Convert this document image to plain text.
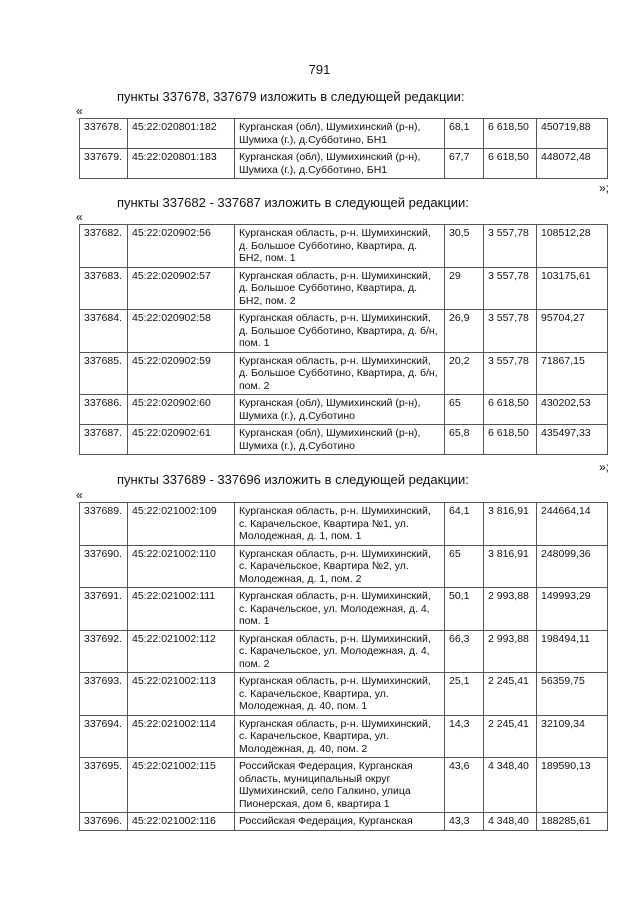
791
пункты 337678, 337679 изложить в следующей редакции:
«
337678.	45:22:020801:182	Курганская (обл), Шумихинский (р-н), Шумиха (г.), д.Субботино, БН1	68,1	6 618,50	450719,88
337679.	45:22:020801:183	Курганская (обл), Шумихинский (р-н), Шумиха (г.), д.Субботино, БН1	67,7	6 618,50	448072,48
»;
пункты 337682 - 337687 изложить в следующей редакции:
«
337682.	45:22:020902:56	Курганская область, р-н. Шумихинский, д. Большое Субботино, Квартира, д. БН2, пом. 1	30,5	3 557,78	108512,28
337683.	45:22:020902:57	Курганская область, р-н. Шумихинский, д. Большое Субботино, Квартира, д. БН2, пом. 2	29	3 557,78	103175,61
337684.	45:22:020902:58	Курганская область, р-н. Шумихинский, д. Большое Субботино, Квартира, д. б/н, пом. 1	26,9	3 557,78	95704,27
337685.	45:22:020902:59	Курганская область, р-н. Шумихинский, д. Большое Субботино, Квартира, д. б/н, пом. 2	20,2	3 557,78	71867,15
337686.	45:22:020902:60	Курганская (обл), Шумихинский (р-н), Шумиха (г.), д.Суботино	65	6 618,50	430202,53
337687.	45:22:020902:61	Курганская (обл), Шумихинский (р-н), Шумиха (г.), д.Суботино	65,8	6 618,50	435497,33
»;
пункты 337689 - 337696 изложить в следующей редакции:
«
337689.	45:22:021002:109	Курганская область, р-н. Шумихинский, с. Карачельское, Квартира №1, ул. Молодежная, д. 1, пом. 1	64,1	3 816,91	244664,14
337690.	45:22:021002:110	Курганская область, р-н. Шумихинский, с. Карачельское, Квартира №2, ул. Молодежная, д. 1, пом. 2	65	3 816,91	248099,36
337691.	45:22:021002:111	Курганская область, р-н. Шумихинский, с. Карачельское, ул. Молодежная, д. 4, пом. 1	50,1	2 993,88	149993,29
337692.	45:22:021002:112	Курганская область, р-н. Шумихинский, с. Карачельское, ул. Молодежная, д. 4, пом. 2	66,3	2 993,88	198494,11
337693.	45:22:021002:113	Курганская область, р-н. Шумихинский, с. Карачельское, Квартира, ул. Молодежная, д. 40, пом. 1	25,1	2 245,41	56359,75
337694.	45:22:021002:114	Курганская область, р-н. Шумихинский, с. Карачельское, Квартира, ул. Молодежная, д. 40, пом. 2	14,3	2 245,41	32109,34
337695.	45:22:021002:115	Российская Федерация, Курганская область, муниципальный округ Шумихинский, село Галкино, улица Пионерская, дом 6, квартира 1	43,6	4 348,40	189590,13
337696.	45:22:021002:116	Российская Федерация, Курганская	43,3	4 348,40	188285,61
